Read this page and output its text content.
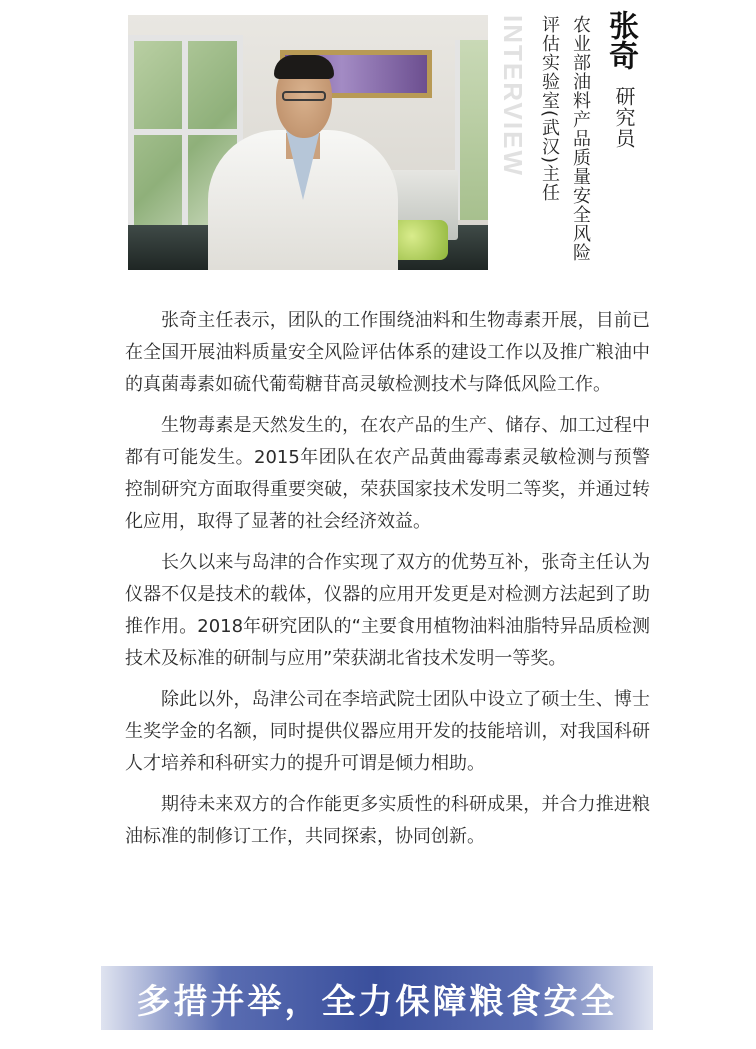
INTERVIEW 评估实验室(武汉)主任 农业部油料产品质量安全风险 张奇
研究员

张奇主任表示，团队的工作围绕油料和生物毒素开展，目前已在全国开展油料质量安全风险评估体系的建设工作以及推广粮油中的真菌毒素如硫代葡萄糖苷高灵敏检测技术与降低风险工作。

生物毒素是天然发生的，在农产品的生产、储存、加工过程中都有可能发生。2015年团队在农产品黄曲霉毒素灵敏检测与预警控制研究方面取得重要突破，荣获国家技术发明二等奖，并通过转化应用，取得了显著的社会经济效益。

长久以来与岛津的合作实现了双方的优势互补，张奇主任认为仪器不仅是技术的载体，仪器的应用开发更是对检测方法起到了助推作用。2018年研究团队的“主要食用植物油料油脂特异品质检测技术及标准的研制与应用”荣获湖北省技术发明一等奖。

除此以外，岛津公司在李培武院士团队中设立了硕士生、博士生奖学金的名额，同时提供仪器应用开发的技能培训，对我国科研人才培养和科研实力的提升可谓是倾力相助。

期待未来双方的合作能更多实质性的科研成果，并合力推进粮油标准的制修订工作，共同探索，协同创新。

多措并举，全力保障粮食安全
